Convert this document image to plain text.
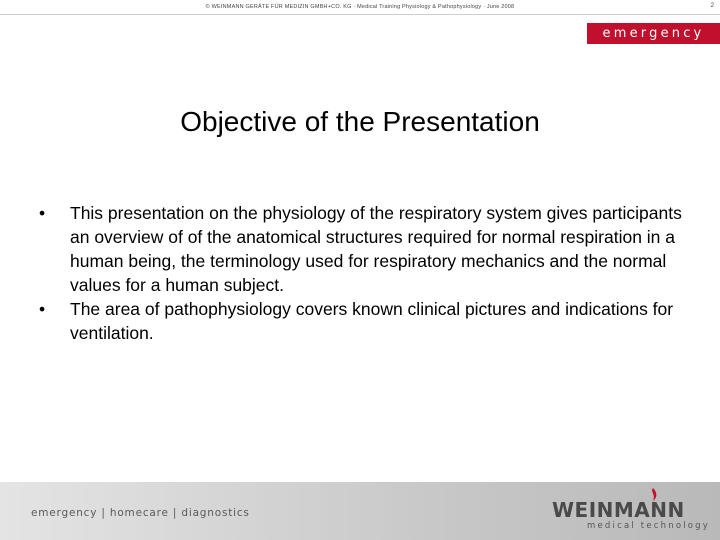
© WEINMANN GERÄTE FÜR MEDIZIN GMBH+CO. KG · Medical Training Physiology & Pathophysiology · June 2008	2
emergency
Objective of the Presentation
• This presentation on the physiology of the respiratory system gives participants an overview of of the anatomical structures required for normal respiration in a human being, the terminology used for respiratory mechanics and the normal values for a human subject.
• The area of pathophysiology covers known clinical pictures and indications for ventilation.
emergency | homecare | diagnostics	WEINMANN
medical technology
